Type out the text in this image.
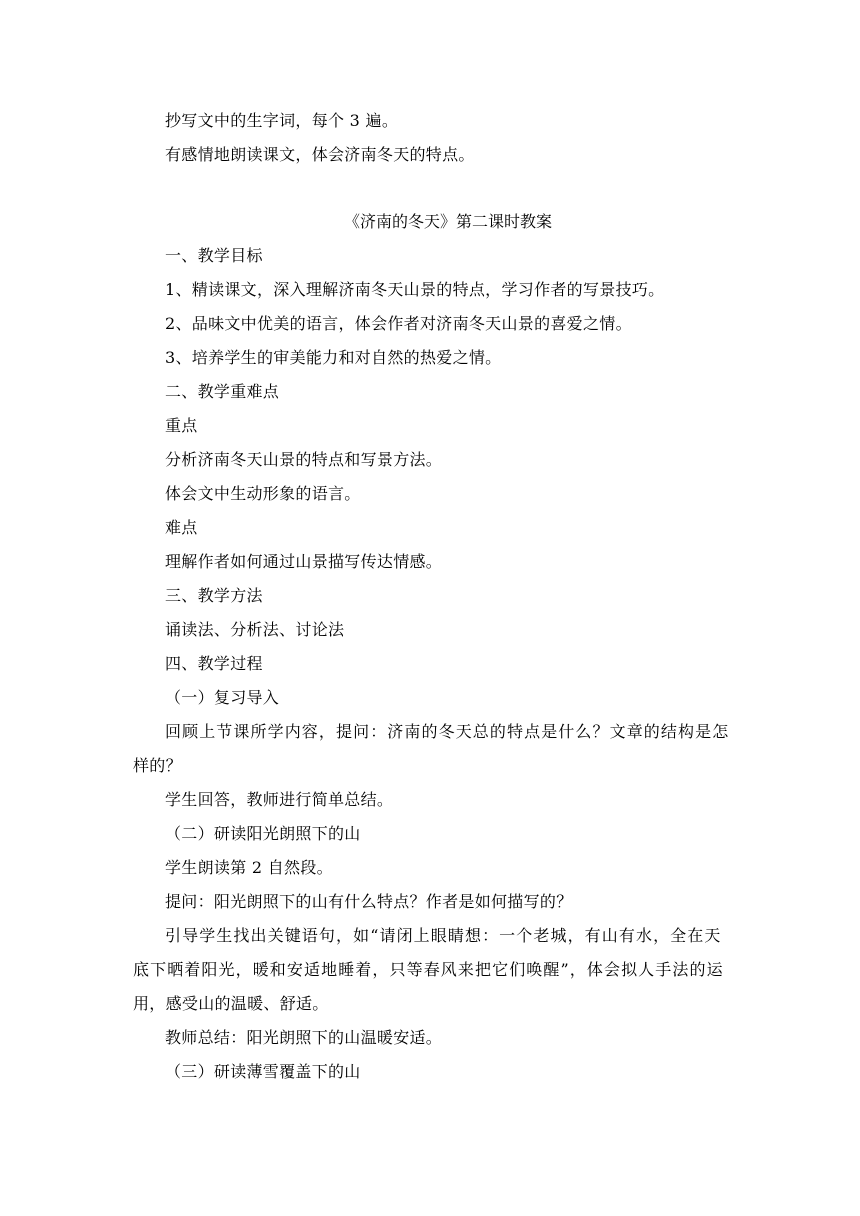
抄写文中的生字词，每个 3 遍。
有感情地朗读课文，体会济南冬天的特点。
《济南的冬天》第二课时教案
一、教学目标
1、精读课文，深入理解济南冬天山景的特点，学习作者的写景技巧。
2、品味文中优美的语言，体会作者对济南冬天山景的喜爱之情。
3、培养学生的审美能力和对自然的热爱之情。
二、教学重难点
重点
分析济南冬天山景的特点和写景方法。
体会文中生动形象的语言。
难点
理解作者如何通过山景描写传达情感。
三、教学方法
诵读法、分析法、讨论法
四、教学过程
（一）复习导入
回顾上节课所学内容，提问：济南的冬天总的特点是什么？文章的结构是怎
样的？
学生回答，教师进行简单总结。
（二）研读阳光朗照下的山
学生朗读第 2 自然段。
提问：阳光朗照下的山有什么特点？作者是如何描写的？
引导学生找出关键语句，如“请闭上眼睛想：一个老城，有山有水，全在天
底下晒着阳光，暖和安适地睡着，只等春风来把它们唤醒”，体会拟人手法的运
用，感受山的温暖、舒适。
教师总结：阳光朗照下的山温暖安适。
（三）研读薄雪覆盖下的山
